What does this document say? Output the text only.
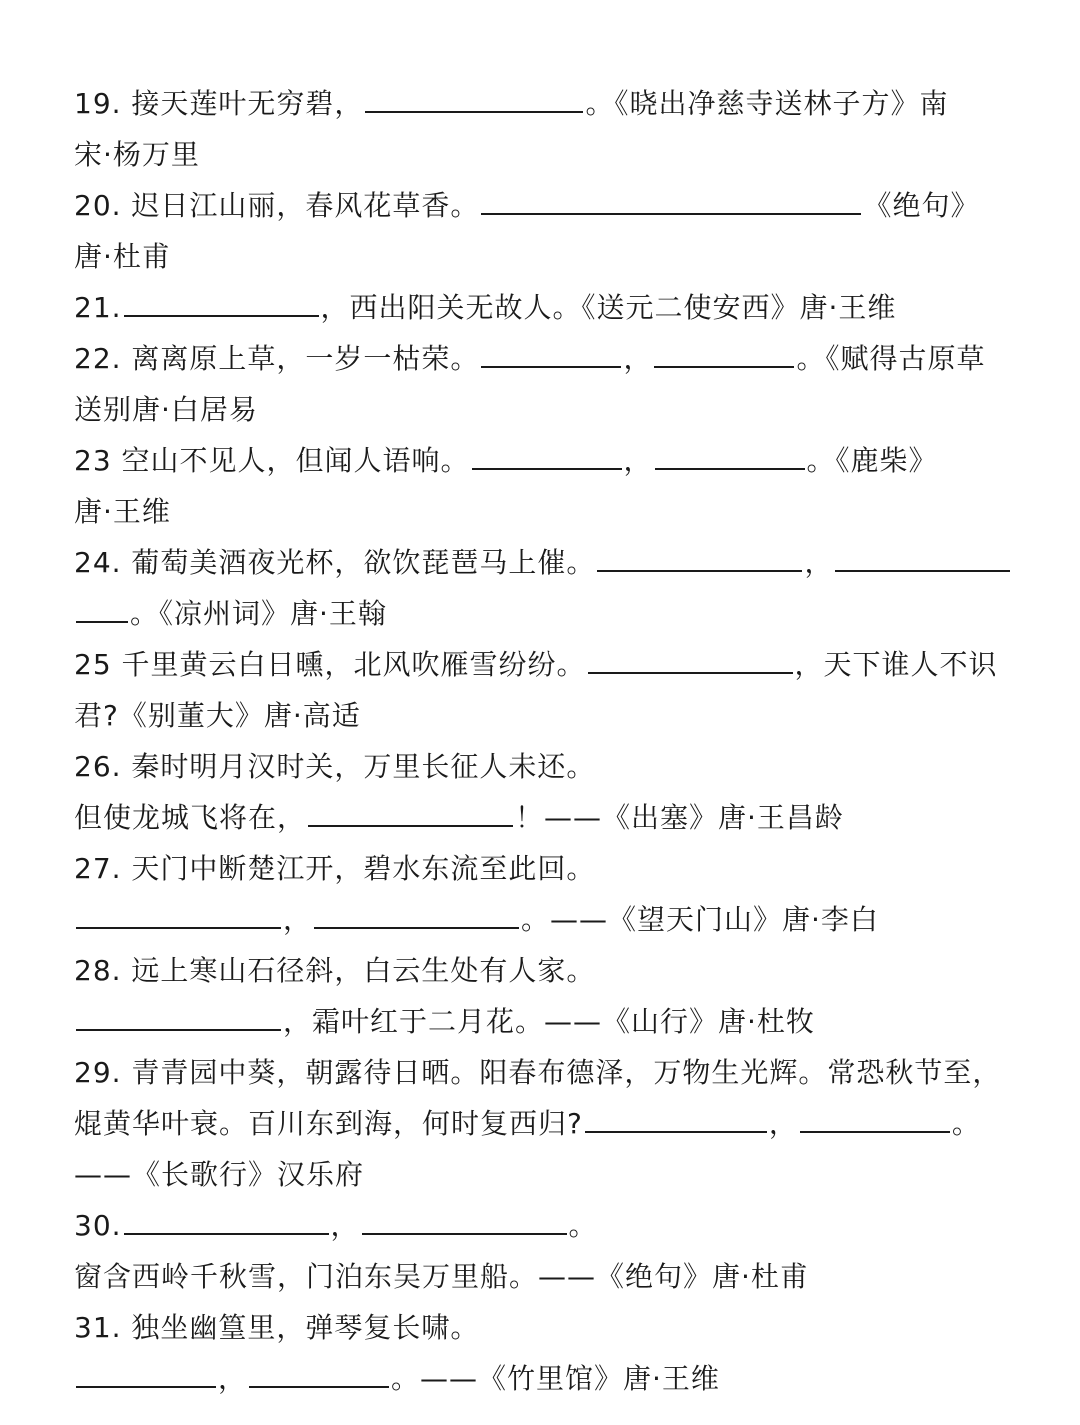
19. 接天莲叶无穷碧，	。《晓出净慈寺送林子方》南
宋·杨万里
20. 迟日江山丽，春风花草香。	《绝句》
唐·杜甫
21.	，西出阳关无故人。《送元二使安西》唐·王维
22. 离离原上草，一岁一枯荣。	，	。《赋得古原草
送别唐·白居易
23 空山不见人，但闻人语响。	，	。《鹿柴》
唐·王维
24. 葡萄美酒夜光杯，欲饮琵琶马上催。	，
。《凉州词》唐·王翰
25 千里黄云白日曛，北风吹雁雪纷纷。	，天下谁人不识
君?《别董大》唐·高适
26. 秦时明月汉时关，万里长征人未还。
但使龙城飞将在，	！——《出塞》唐·王昌龄
27. 天门中断楚江开，碧水东流至此回。
，	。——《望天门山》唐·李白
28. 远上寒山石径斜，白云生处有人家。
，霜叶红于二月花。——《山行》唐·杜牧
29. 青青园中葵，朝露待日晒。阳春布德泽，万物生光辉。常恐秋节至，
焜黄华叶衰。百川东到海，何时复西归?	，	。
——《长歌行》汉乐府
30.	，	。
窗含西岭千秋雪，门泊东吴万里船。——《绝句》唐·杜甫
31. 独坐幽篁里，弹琴复长啸。
，	。——《竹里馆》唐·王维
